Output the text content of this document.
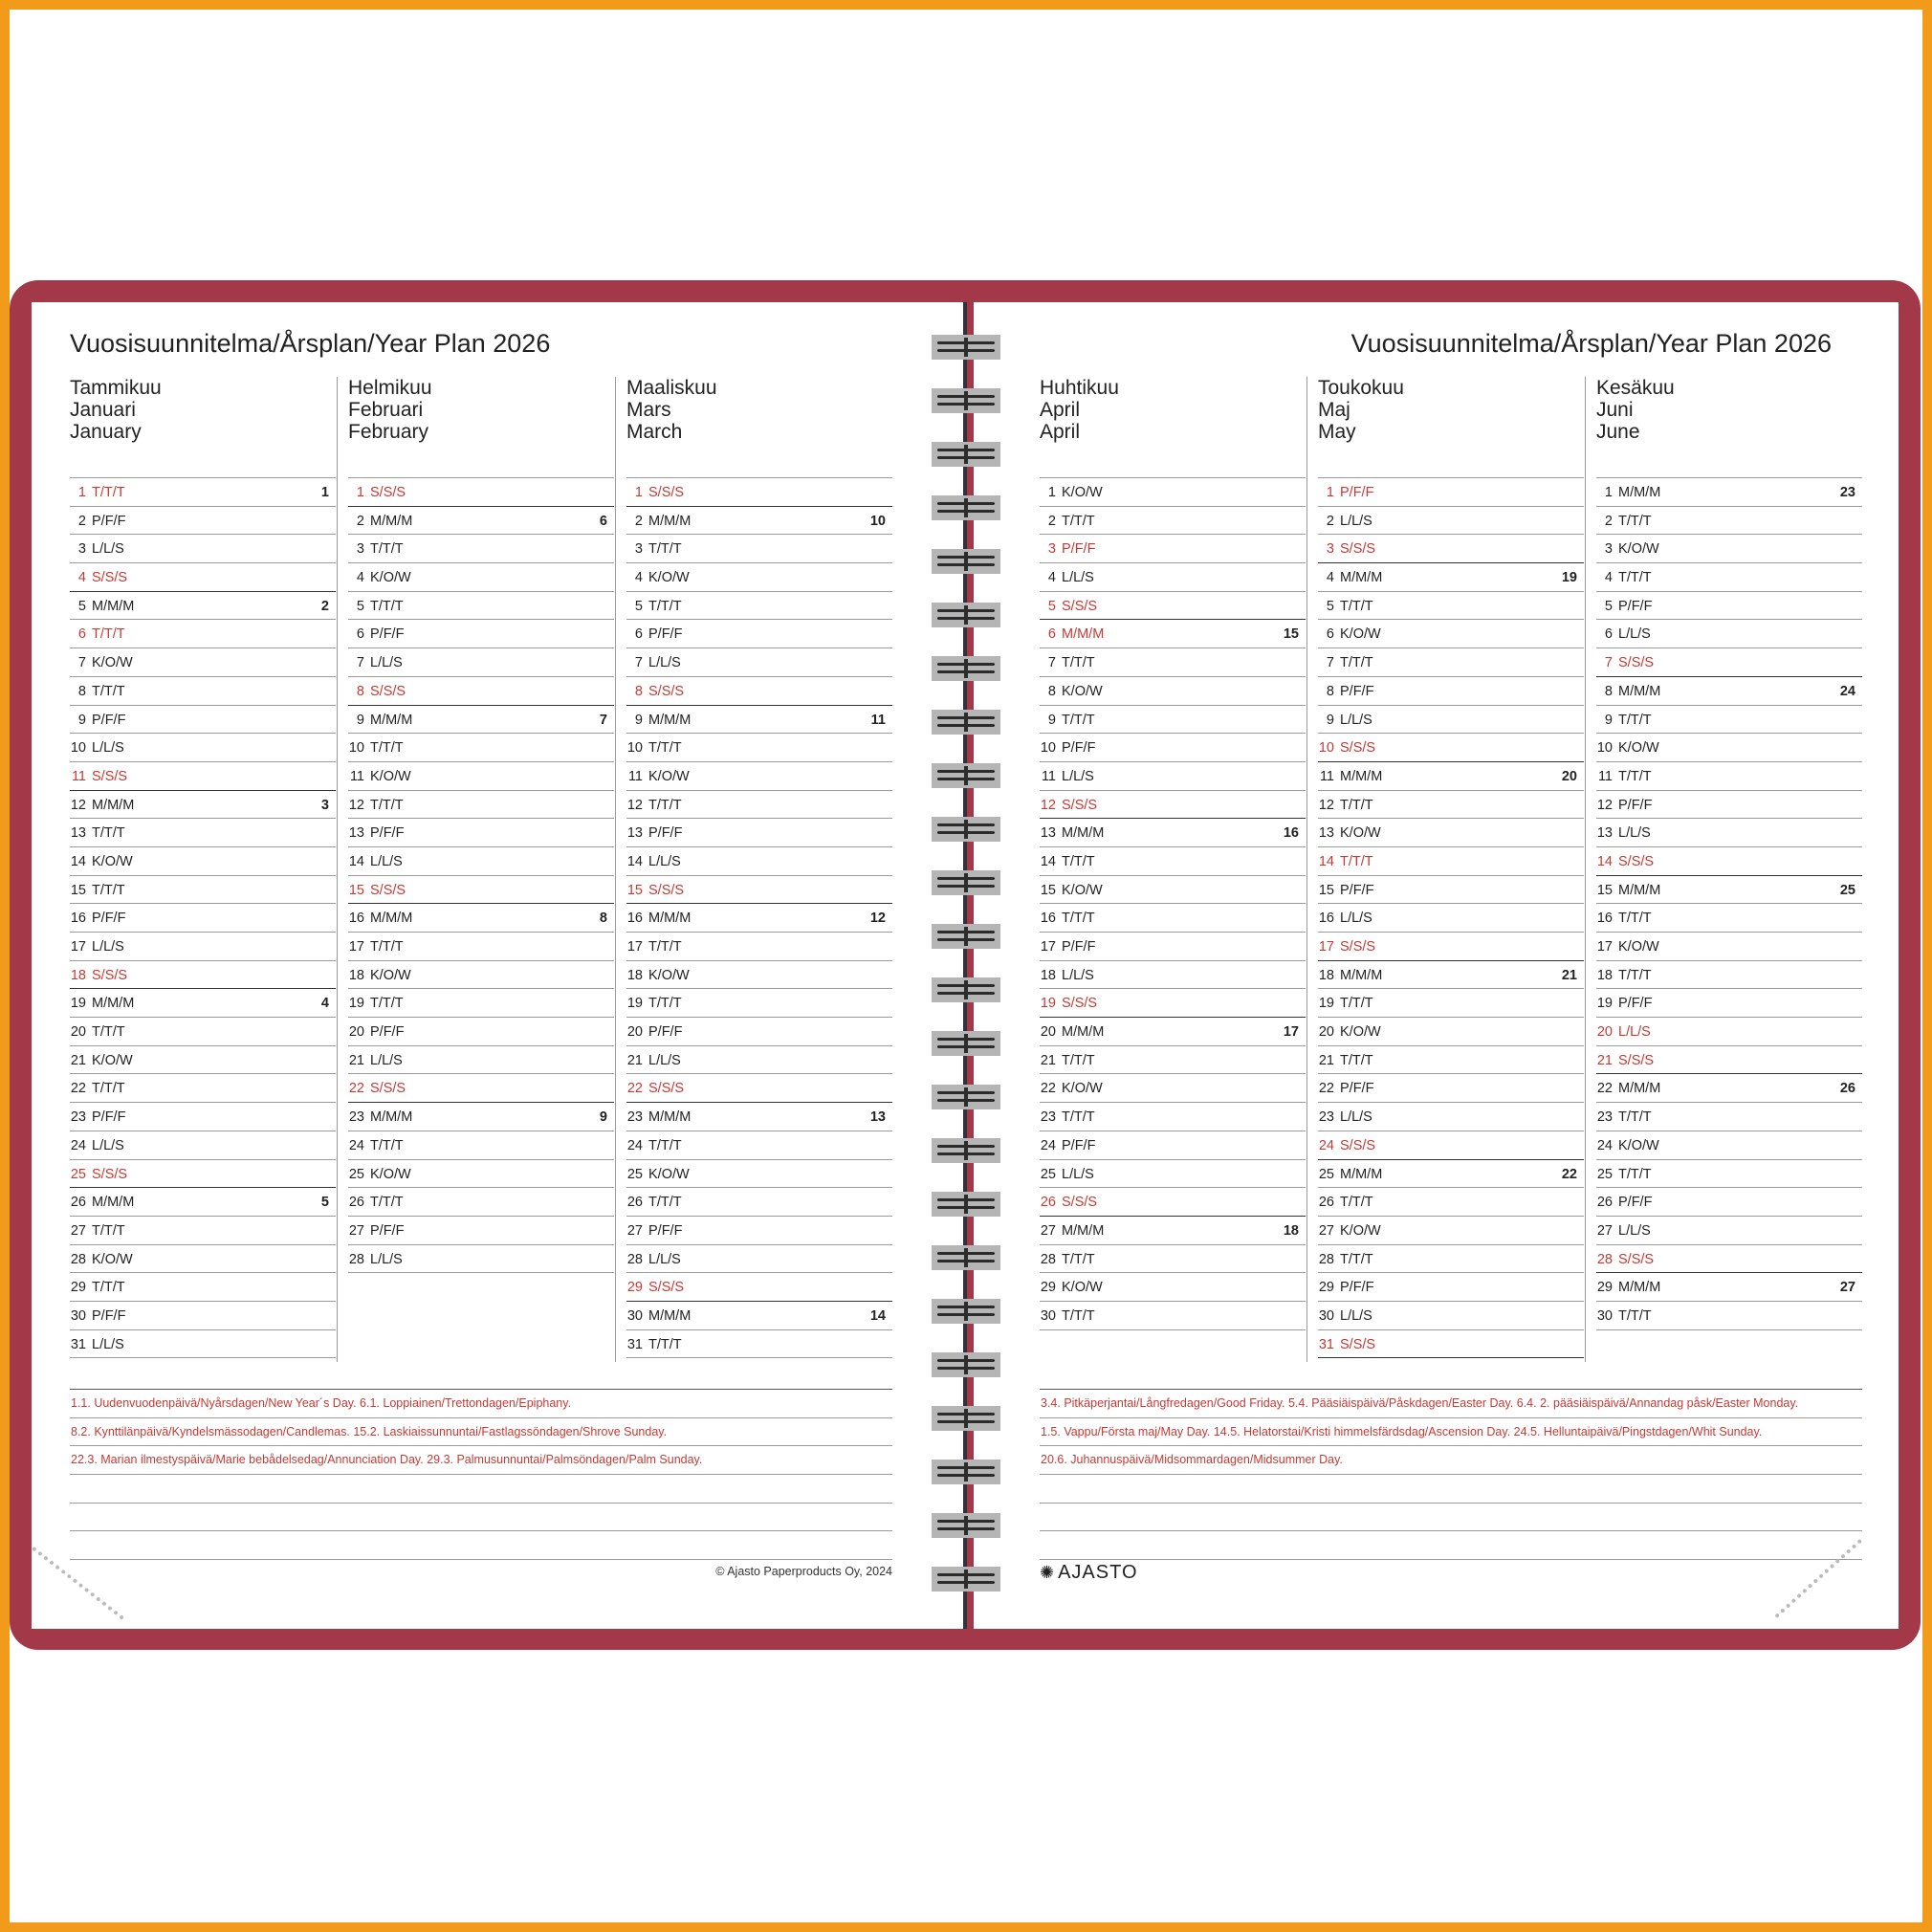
Vuosisuunnitelma/Årsplan/Year Plan 2026
Tammikuu
Januari
January
1 T/T/T	1
2 P/F/F
3 L/L/S
4 S/S/S
5 M/M/M	2
6 T/T/T
7 K/O/W
8 T/T/T
9 P/F/F
10 L/L/S
11 S/S/S
12 M/M/M	3
13 T/T/T
14 K/O/W
15 T/T/T
16 P/F/F
17 L/L/S
18 S/S/S
19 M/M/M	4
20 T/T/T
21 K/O/W
22 T/T/T
23 P/F/F
24 L/L/S
25 S/S/S
26 M/M/M	5
27 T/T/T
28 K/O/W
29 T/T/T
30 P/F/F
31 L/L/S
Helmikuu
Februari
February
1 S/S/S
2 M/M/M	6
3 T/T/T
4 K/O/W
5 T/T/T
6 P/F/F
7 L/L/S
8 S/S/S
9 M/M/M	7
10 T/T/T
11 K/O/W
12 T/T/T
13 P/F/F
14 L/L/S
15 S/S/S
16 M/M/M	8
17 T/T/T
18 K/O/W
19 T/T/T
20 P/F/F
21 L/L/S
22 S/S/S
23 M/M/M	9
24 T/T/T
25 K/O/W
26 T/T/T
27 P/F/F
28 L/L/S
Maaliskuu
Mars
March
1 S/S/S
2 M/M/M	10
3 T/T/T
4 K/O/W
5 T/T/T
6 P/F/F
7 L/L/S
8 S/S/S
9 M/M/M	11
10 T/T/T
11 K/O/W
12 T/T/T
13 P/F/F
14 L/L/S
15 S/S/S
16 M/M/M	12
17 T/T/T
18 K/O/W
19 T/T/T
20 P/F/F
21 L/L/S
22 S/S/S
23 M/M/M	13
24 T/T/T
25 K/O/W
26 T/T/T
27 P/F/F
28 L/L/S
29 S/S/S
30 M/M/M	14
31 T/T/T
1.1. Uudenvuodenpäivä/Nyårsdagen/New Year´s Day. 6.1. Loppiainen/Trettondagen/Epiphany.
8.2. Kynttilänpäivä/Kyndelsmässodagen/Candlemas. 15.2. Laskiaissunnuntai/Fastlagssöndagen/Shrove Sunday.
22.3. Marian ilmestyspäivä/Marie bebådelsedag/Annunciation Day. 29.3. Palmusunnuntai/Palmsöndagen/Palm Sunday.
© Ajasto Paperproducts Oy, 2024
Vuosisuunnitelma/Årsplan/Year Plan 2026
Huhtikuu
April
April
1 K/O/W
2 T/T/T
3 P/F/F
4 L/L/S
5 S/S/S
6 M/M/M	15
7 T/T/T
8 K/O/W
9 T/T/T
10 P/F/F
11 L/L/S
12 S/S/S
13 M/M/M	16
14 T/T/T
15 K/O/W
16 T/T/T
17 P/F/F
18 L/L/S
19 S/S/S
20 M/M/M	17
21 T/T/T
22 K/O/W
23 T/T/T
24 P/F/F
25 L/L/S
26 S/S/S
27 M/M/M	18
28 T/T/T
29 K/O/W
30 T/T/T
Toukokuu
Maj
May
1 P/F/F
2 L/L/S
3 S/S/S
4 M/M/M	19
5 T/T/T
6 K/O/W
7 T/T/T
8 P/F/F
9 L/L/S
10 S/S/S
11 M/M/M	20
12 T/T/T
13 K/O/W
14 T/T/T
15 P/F/F
16 L/L/S
17 S/S/S
18 M/M/M	21
19 T/T/T
20 K/O/W
21 T/T/T
22 P/F/F
23 L/L/S
24 S/S/S
25 M/M/M	22
26 T/T/T
27 K/O/W
28 T/T/T
29 P/F/F
30 L/L/S
31 S/S/S
Kesäkuu
Juni
June
1 M/M/M	23
2 T/T/T
3 K/O/W
4 T/T/T
5 P/F/F
6 L/L/S
7 S/S/S
8 M/M/M	24
9 T/T/T
10 K/O/W
11 T/T/T
12 P/F/F
13 L/L/S
14 S/S/S
15 M/M/M	25
16 T/T/T
17 K/O/W
18 T/T/T
19 P/F/F
20 L/L/S
21 S/S/S
22 M/M/M	26
23 T/T/T
24 K/O/W
25 T/T/T
26 P/F/F
27 L/L/S
28 S/S/S
29 M/M/M	27
30 T/T/T
3.4. Pitkäperjantai/Långfredagen/Good Friday. 5.4. Pääsiäispäivä/Påskdagen/Easter Day. 6.4. 2. pääsiäispäivä/Annandag påsk/Easter Monday.
1.5. Vappu/Första maj/May Day. 14.5. Helatorstai/Kristi himmelsfärdsdag/Ascension Day. 24.5. Helluntaipäivä/Pingstdagen/Whit Sunday.
20.6. Juhannuspäivä/Midsommardagen/Midsummer Day.
✺ AJASTO
